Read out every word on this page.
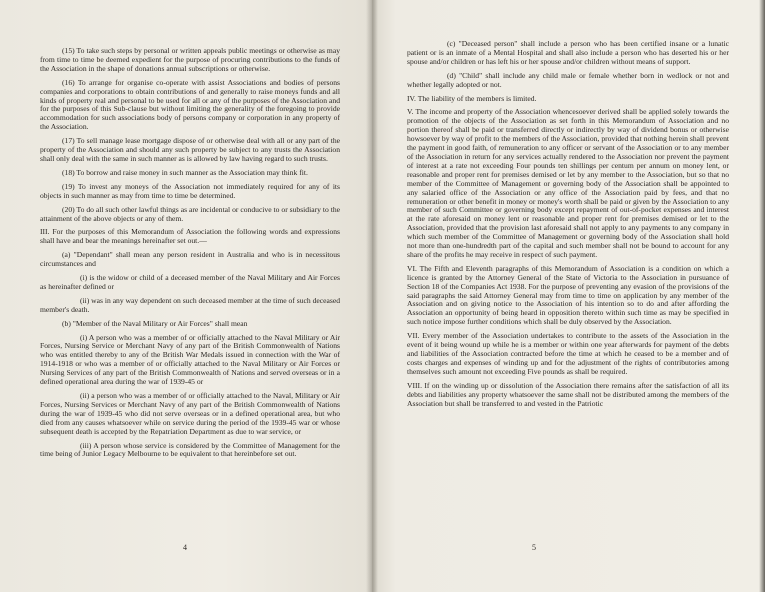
(15) To take such steps by personal or written appeals public meetings or otherwise as may from time to time be deemed expedient for the purpose of procuring contributions to the funds of the Association in the shape of donations annual subscriptions or otherwise.

(16) To arrange for organise co-operate with assist Associations and bodies of persons companies and corporations to obtain contributions of and generally to raise moneys funds and all kinds of property real and personal to be used for all or any of the purposes of the Association and for the purposes of this Sub-clause but without limiting the generality of the foregoing to provide accommodation for such associations body of persons company or corporation in any property of the Association.

(17) To sell manage lease mortgage dispose of or otherwise deal with all or any part of the property of the Association and should any such property be subject to any trusts the Association shall only deal with the same in such manner as is allowed by law having regard to such trusts.

(18) To borrow and raise money in such manner as the Association may think fit.

(19) To invest any moneys of the Association not immediately required for any of its objects in such manner as may from time to time be determined.

(20) To do all such other lawful things as are incidental or conducive to or subsidiary to the attainment of the above objects or any of them.

III. For the purposes of this Memorandum of Association the following words and expressions shall have and bear the meanings hereinafter set out.—

(a) "Dependant" shall mean any person resident in Australia and who is in necessitous circumstances and

(i) is the widow or child of a deceased member of the Naval Military and Air Forces as hereinafter defined or

(ii) was in any way dependent on such deceased member at the time of such deceased member's death.

(b) "Member of the Naval Military or Air Forces" shall mean

(i) A person who was a member of or officially attached to the Naval Military or Air Forces, Nursing Service or Merchant Navy of any part of the British Commonwealth of Nations who was entitled thereby to any of the British War Medals issued in connection with the War of 1914-1918 or who was a member of or officially attached to the Naval Military or Air Forces or Nursing Services of any part of the British Commonwealth of Nations and served overseas or in a defined operational area during the war of 1939-45 or

(ii) a person who was a member of or officially attached to the Naval, Military or Air Forces, Nursing Services or Merchant Navy of any part of the British Commonwealth of Nations during the war of 1939-45 who did not serve overseas or in a defined operational area, but who died from any causes whatsoever while on service during the period of the 1939-45 war or whose subsequent death is accepted by the Repatriation Department as due to war service, or

(iii) A person whose service is considered by the Committee of Management for the time being of Junior Legacy Melbourne to be equivalent to that hereinbefore set out.

4

(c) "Deceased person" shall include a person who has been certified insane or a lunatic patient or is an inmate of a Mental Hospital and shall also include a person who has deserted his or her spouse and/or children or has left his or her spouse and/or children without means of support.

(d) "Child" shall include any child male or female whether born in wedlock or not and whether legally adopted or not.

IV. The liability of the members is limited.

V. The income and property of the Association whencesoever derived shall be applied solely towards the promotion of the objects of the Association as set forth in this Memorandum of Association and no portion thereof shall be paid or transferred directly or indirectly by way of dividend bonus or otherwise howsoever by way of profit to the members of the Association, provided that nothing herein shall prevent the payment in good faith, of remuneration to any officer or servant of the Association or to any member of the Association in return for any services actually rendered to the Association nor prevent the payment of interest at a rate not exceeding Four pounds ten shillings per centum per annum on money lent, or reasonable and proper rent for premises demised or let by any member to the Association, but so that no member of the Committee of Management or governing body of the Association shall be appointed to any salaried office of the Association or any office of the Association paid by fees, and that no remuneration or other benefit in money or money's worth shall be paid or given by the Association to any member of such Committee or governing body except repayment of out-of-pocket expenses and interest at the rate aforesaid on money lent or reasonable and proper rent for premises demised or let to the Association, provided that the provision last aforesaid shall not apply to any payments to any company in which such member of the Committee of Management or governing body of the Association shall hold not more than one-hundredth part of the capital and such member shall not be bound to account for any share of the profits he may receive in respect of such payment.

VI. The Fifth and Eleventh paragraphs of this Memorandum of Association is a condition on which a licence is granted by the Attorney General of the State of Victoria to the Association in pursuance of Section 18 of the Companies Act 1938. For the purpose of preventing any evasion of the provisions of the said paragraphs the said Attorney General may from time to time on application by any member of the Association and on giving notice to the Association of his intention so to do and after affording the Association an opportunity of being heard in opposition thereto within such time as may be specified in such notice impose further conditions which shall be duly observed by the Association.

VII. Every member of the Association undertakes to contribute to the assets of the Association in the event of it being wound up while he is a member or within one year afterwards for payment of the debts and liabilities of the Association contracted before the time at which he ceased to be a member and of costs charges and expenses of winding up and for the adjustment of the rights of contributories among themselves such amount not exceeding Five pounds as shall be required.

VIII. If on the winding up or dissolution of the Association there remains after the satisfaction of all its debts and liabilities any property whatsoever the same shall not be distributed among the members of the Association but shall be transferred to and vested in the Patriotic

5
